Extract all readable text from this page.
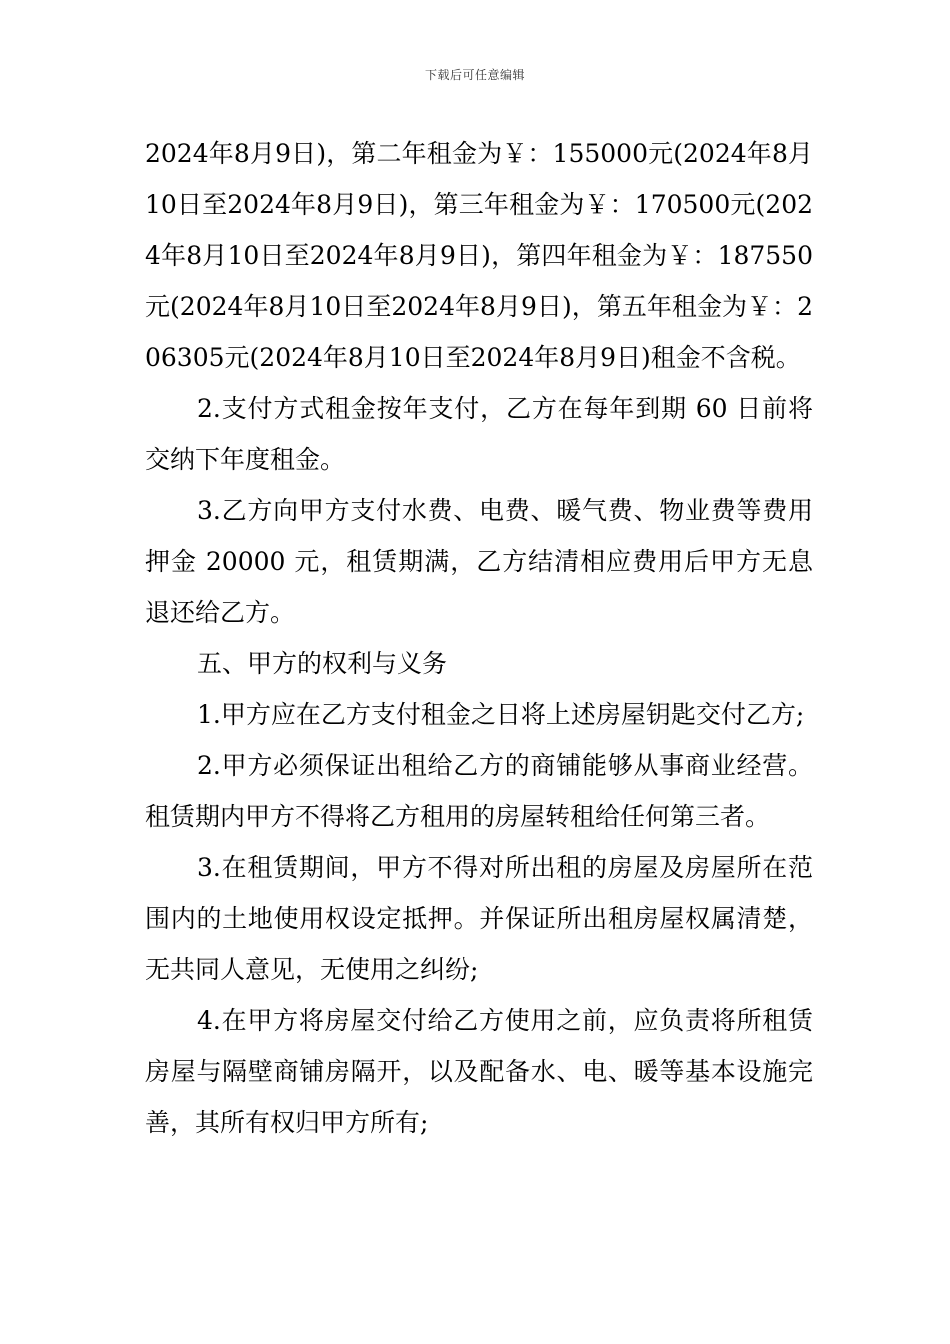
下载后可任意编辑

2024年8月9日)，第二年租金为￥：155000元(2024年8月10日至2024年8月9日)，第三年租金为￥：170500元(2024年8月10日至2024年8月9日)，第四年租金为￥：187550元(2024年8月10日至2024年8月9日)，第五年租金为￥：206305元(2024年8月10日至2024年8月9日)租金不含税。

2.支付方式租金按年支付，乙方在每年到期 60 日前将交纳下年度租金。

3.乙方向甲方支付水费、电费、暖气费、物业费等费用押金 20000 元，租赁期满，乙方结清相应费用后甲方无息退还给乙方。

五、甲方的权利与义务

1.甲方应在乙方支付租金之日将上述房屋钥匙交付乙方;

2.甲方必须保证出租给乙方的商铺能够从事商业经营。租赁期内甲方不得将乙方租用的房屋转租给任何第三者。

3.在租赁期间，甲方不得对所出租的房屋及房屋所在范围内的土地使用权设定抵押。并保证所出租房屋权属清楚，无共同人意见，无使用之纠纷;

4.在甲方将房屋交付给乙方使用之前，应负责将所租赁房屋与隔壁商铺房隔开，以及配备水、电、暖等基本设施完善，其所有权归甲方所有;
